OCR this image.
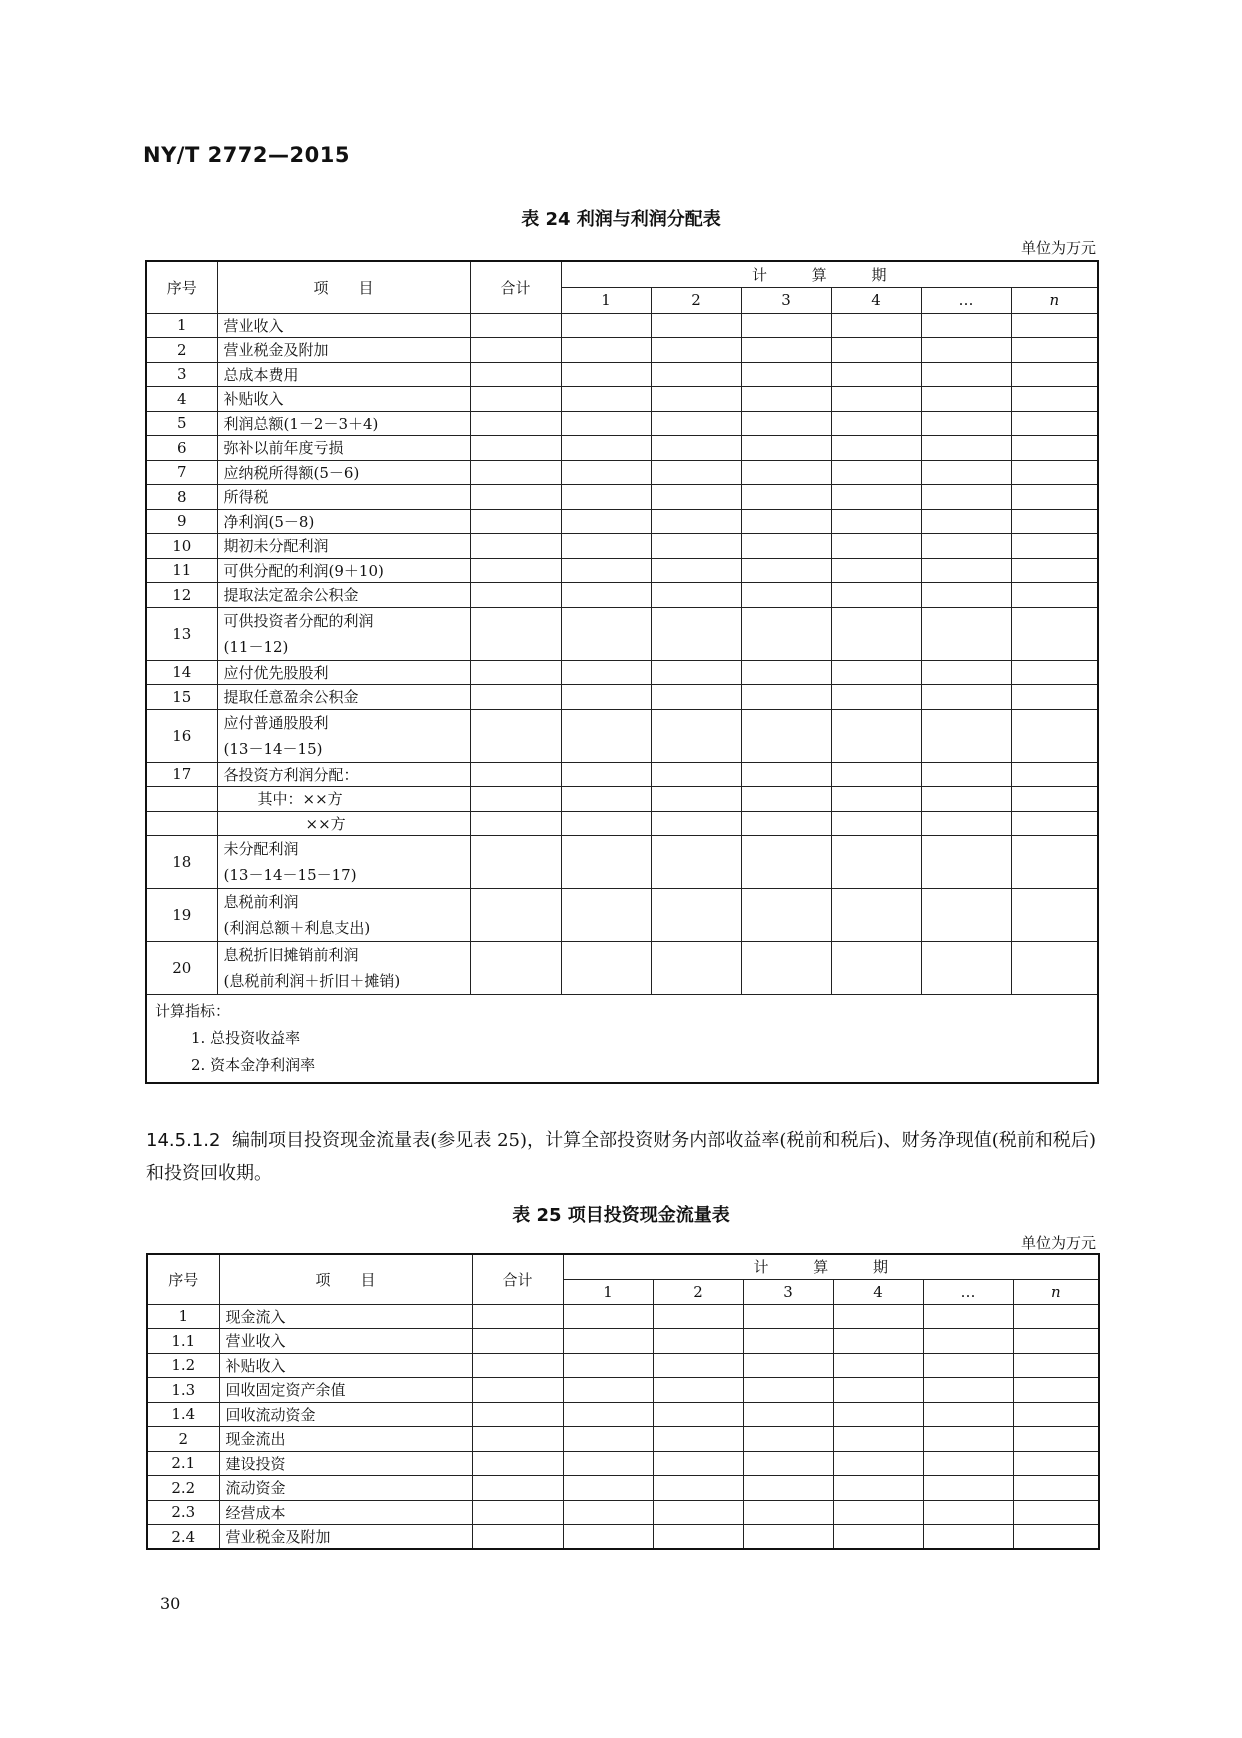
NY/T 2772—2015
表 24 利润与利润分配表
单位为万元
序号	项　　目	合计	计 算 期					
			1	2	3	4	…	n
1	营业收入							
2	营业税金及附加							
3	总成本费用							
4	补贴收入							
5	利润总额(1－2－3＋4)							
6	弥补以前年度亏损							
7	应纳税所得额(5－6)							
8	所得税							
9	净利润(5－8)							
10	期初未分配利润							
11	可供分配的利润(9＋10)							
12	提取法定盈余公积金							
13	可供投资者分配的利润
(11－12)							

14	应付优先股股利							
15	提取任意盈余公积金							
16	应付普通股股利
(13－14－15)							

17	各投资方利润分配：							
	其中：××方							
	××方							
18	未分配利润
(13－14－15－17)							

19	息税前利润
(利润总额＋利息支出)							

20	息税折旧摊销前利润
(息税前利润＋折旧＋摊销)							

计算指标：
1. 总投资收益率
2. 资本金净利润率								
14.5.1.2 编制项目投资现金流量表(参见表 25)，计算全部投资财务内部收益率(税前和税后)、财务净现值(税前和税后)和投资回收期。
表 25 项目投资现金流量表
单位为万元
序号	项　　目	合计	计 算 期					
			1	2	3	4	…	n
1	现金流入							
1.1	营业收入							
1.2	补贴收入							
1.3	回收固定资产余值							
1.4	回收流动资金							
2	现金流出							
2.1	建设投资							
2.2	流动资金							
2.3	经营成本							
2.4	营业税金及附加							
30
